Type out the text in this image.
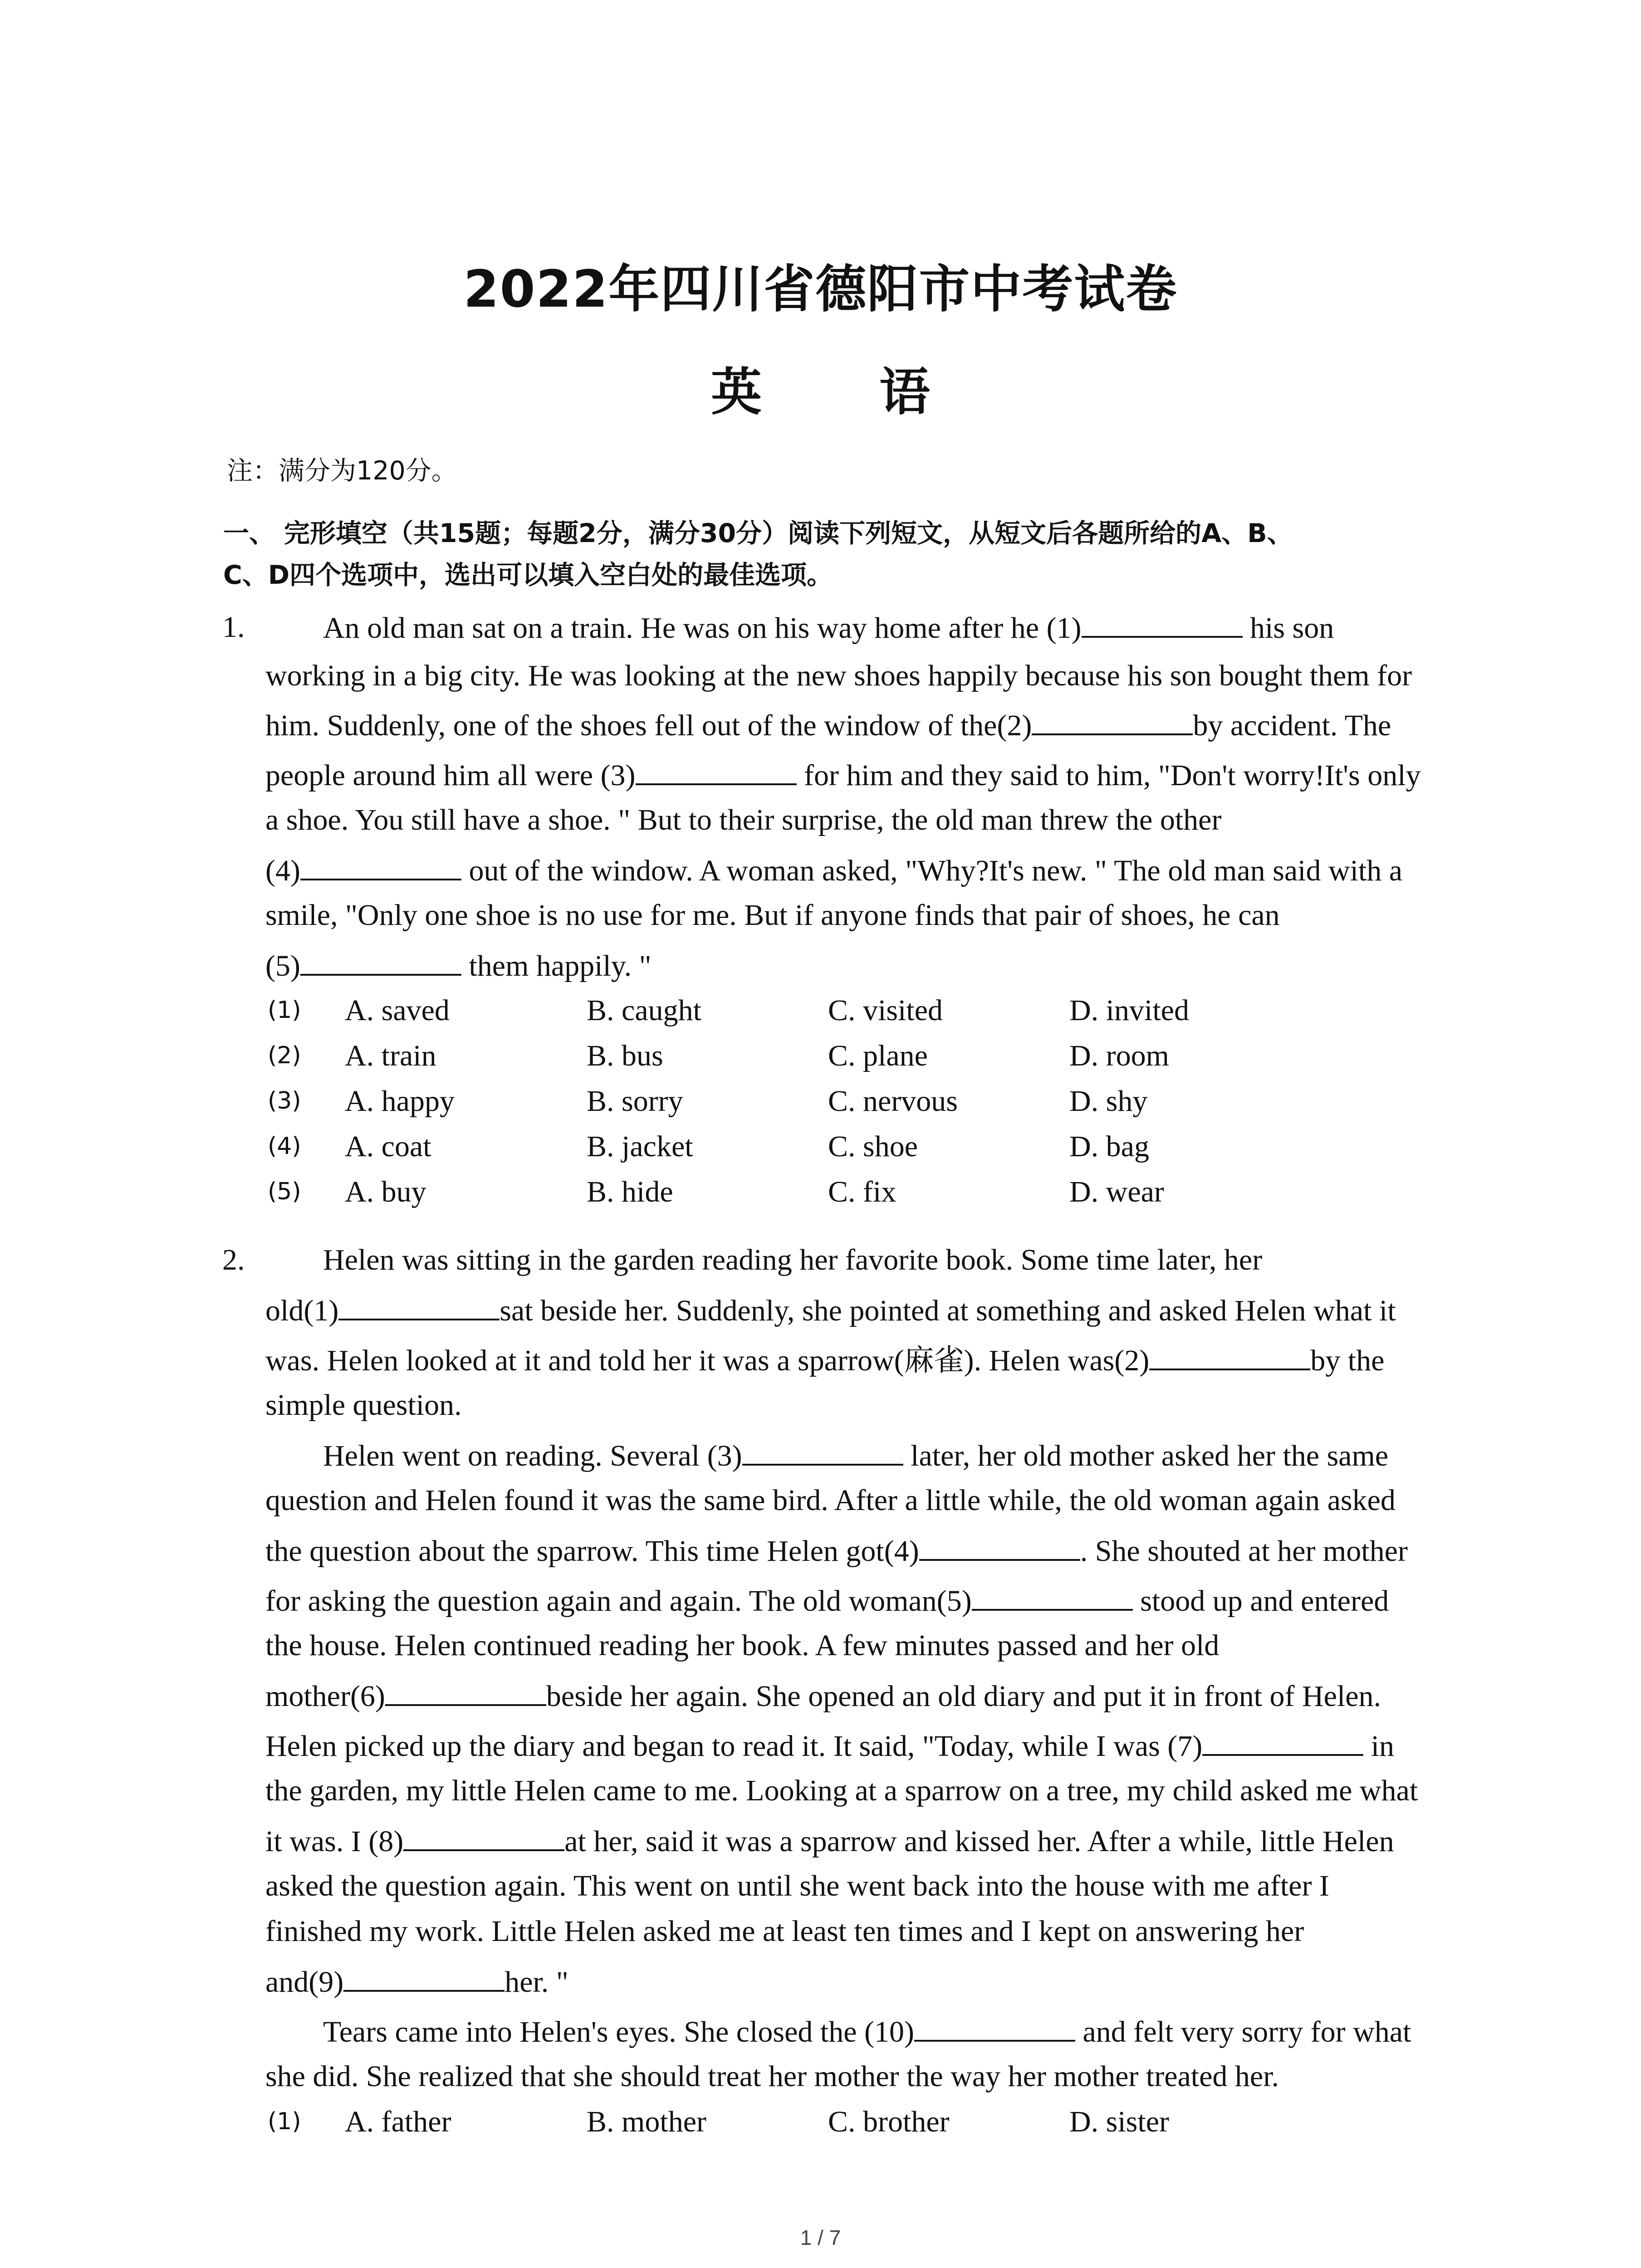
2022年四川省德阳市中考试卷
英 语
注：满分为120分。
一、 完形填空（共15题；每题2分，满分30分）阅读下列短文，从短文后各题所给的A、B、
C、D四个选项中，选出可以填入空白处的最佳选项。
1.	An old man sat on a train. He was on his way home after he (1)	his son
working in a big city. He was looking at the new shoes happily because his son bought them for
him. Suddenly, one of the shoes fell out of the window of the(2)	by accident. The
people around him all were (3)	for him and they said to him, "Don't worry!It's only
a shoe. You still have a shoe. " But to their surprise, the old man threw the other
(4)	out of the window. A woman asked, "Why?It's new. " The old man said with a
smile, "Only one shoe is no use for me. But if anyone finds that pair of shoes, he can
(5)	them happily. "
(1) A. saved	B. caught	C. visited	D. invited
(2) A. train	B. bus	C. plane	D. room
(3) A. happy	B. sorry	C. nervous	D. shy
(4) A. coat	B. jacket	C. shoe	D. bag
(5) A. buy	B. hide	C. fix	D. wear
2.	Helen was sitting in the garden reading her favorite book. Some time later, her
old(1)	sat beside her. Suddenly, she pointed at something and asked Helen what it
was. Helen looked at it and told her it was a sparrow(麻雀). Helen was(2)	by the
simple question.
Helen went on reading. Several (3)	later, her old mother asked her the same
question and Helen found it was the same bird. After a little while, the old woman again asked
the question about the sparrow. This time Helen got(4)	. She shouted at her mother
for asking the question again and again. The old woman(5)	stood up and entered
the house. Helen continued reading her book. A few minutes passed and her old
mother(6)	beside her again. She opened an old diary and put it in front of Helen.
Helen picked up the diary and began to read it. It said, "Today, while I was (7)	in
the garden, my little Helen came to me. Looking at a sparrow on a tree, my child asked me what
it was. I (8)	at her, said it was a sparrow and kissed her. After a while, little Helen
asked the question again. This went on until she went back into the house with me after I
finished my work. Little Helen asked me at least ten times and I kept on answering her
and(9)	her. "
Tears came into Helen's eyes. She closed the (10)	and felt very sorry for what
she did. She realized that she should treat her mother the way her mother treated her.
(1) A. father	B. mother	C. brother	D. sister
1 / 7
